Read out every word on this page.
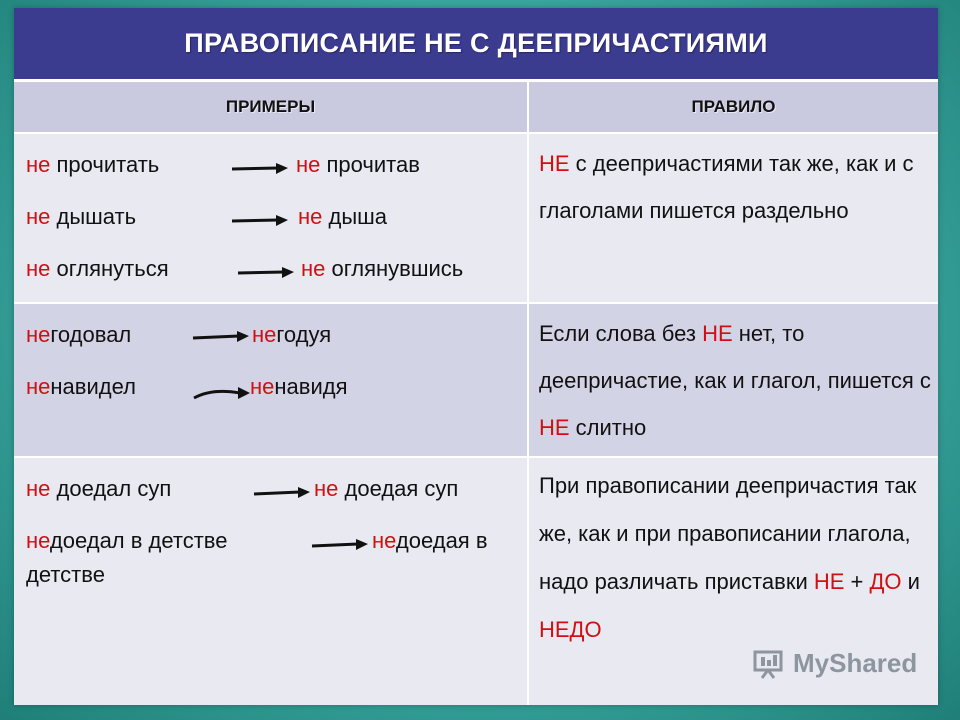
ПРАВОПИСАНИЕ НЕ С ДЕЕПРИЧАСТИЯМИ
ПРИМЕРЫ	ПРАВИЛО
не прочитать	не прочитав
не дышать	не дыша
не оглянуться	не оглянувшись
НЕ с деепричастиями так же, как и с глаголами пишется раздельно
негодовал	негодуя
ненавидел	ненавидя
Если слова без НЕ нет, то деепричастие, как и глагол, пишется с НЕ слитно
не доедал суп	не доедая суп
недоедал в детстве	недоедая в
детстве
При правописании деепричастия так же, как и при правописании глагола, надо различать приставки НЕ + ДО и НЕДО
MyShared
